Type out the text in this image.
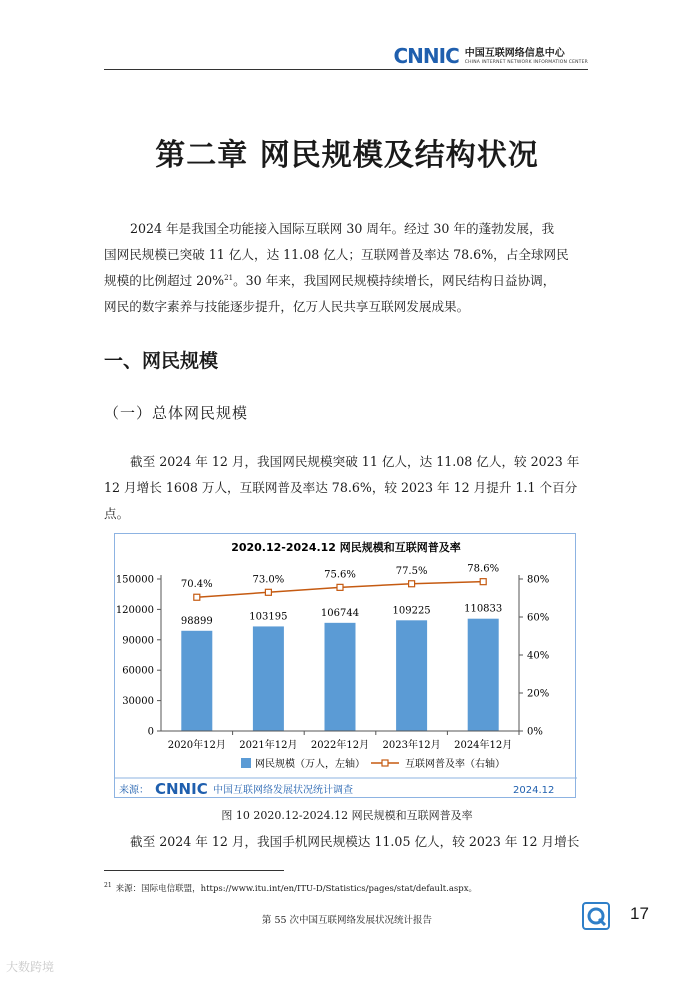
CNNIC 中国互联网络信息中心
CHINA INTERNET NETWORK INFORMATION CENTER
第二章 网民规模及结构状况
2024 年是我国全功能接入国际互联网 30 周年。经过 30 年的蓬勃发展，我
国网民规模已突破 11 亿人，达 11.08 亿人；互联网普及率达 78.6%，占全球网民
规模的比例超过 20%$^{21}$。30 年来，我国网民规模持续增长，网民结构日益协调，
网民的数字素养与技能逐步提升，亿万人民共享互联网发展成果。
一、网民规模
（一）总体网民规模
截至 2024 年 12 月，我国网民规模突破 11 亿人，达 11.08 亿人，较 2023 年
12 月增长 1608 万人，互联网普及率达 78.6%，较 2023 年 12 月提升 1.1 个百分
点。
2020.12-2024.12 网民规模和互联网普及率
98899	103195	106744	109225	110833
70.4%	73.0%	75.6%	77.5%	78.6%
0
30000
60000
90000
120000
150000
0%
20%
40%
60%
80%
2020年12月 2021年12月 2022年12月 2023年12月 2024年12月
网民规模（万人，左轴）	互联网普及率（右轴）
来源： CNNIC 中国互联网络发展状况统计调查	2024.12
图 10 2020.12-2024.12 网民规模和互联网普及率
截至 2024 年 12 月，我国手机网民规模达 11.05 亿人，较 2023 年 12 月增长
$^{21}$ 来源：国际电信联盟，https://www.itu.int/en/ITU-D/Statistics/pages/stat/default.aspx。
第 55 次中国互联网络发展状况统计报告	17
大数跨境
